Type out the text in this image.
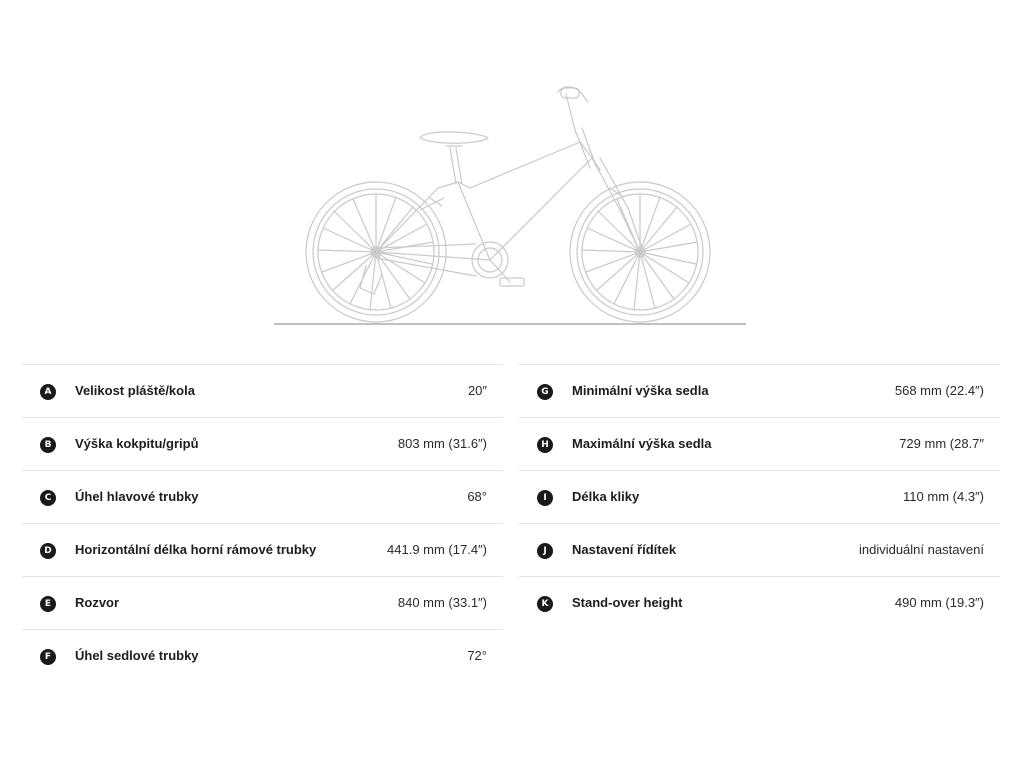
A	Velikost pláště/kola	20″
B	Výška kokpitu/gripů	803 mm (31.6″)
C	Úhel hlavové trubky	68°
D	Horizontální délka horní rámové trubky	441.9 mm (17.4″)
E	Rozvor	840 mm (33.1″)
F	Úhel sedlové trubky	72°
G	Minimální výška sedla	568 mm (22.4″)
H	Maximální výška sedla	729 mm (28.7″
I	Délka kliky	110 mm (4.3″)
J	Nastavení řídítek	individuální nastavení
K	Stand-over height	490 mm (19.3″)
